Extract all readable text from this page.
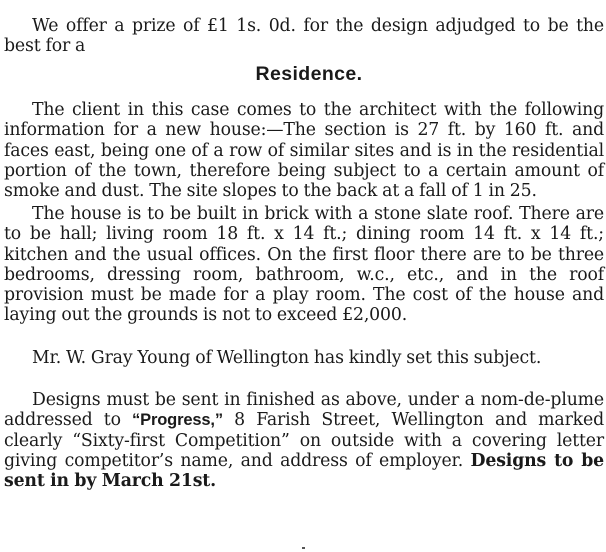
We offer a prize of £1 1s. 0d. for the design adjudged to be the best for a

Residence.

The client in this case comes to the architect with the following information for a new house:—The section is 27 ft. by 160 ft. and faces east, being one of a row of similar sites and is in the residential portion of the town, therefore being subject to a certain amount of smoke and dust. The site slopes to the back at a fall of 1 in 25.

The house is to be built in brick with a stone slate roof. There are to be hall; living room 18 ft. x 14 ft.; dining room 14 ft. x 14 ft.; kitchen and the usual offices. On the first floor there are to be three bedrooms, dressing room, bathroom, w.c., etc., and in the roof provision must be made for a play room. The cost of the house and laying out the grounds is not to exceed £2,000.

Mr. W. Gray Young of Wellington has kindly set this subject.

Designs must be sent in finished as above, under a nom-de-plume addressed to “Progress,” 8 Farish Street, Wellington and marked clearly “Sixty-first Competition” on outside with a covering letter giving competitor’s name, and address of employer. Designs to be sent in by March 21st.
